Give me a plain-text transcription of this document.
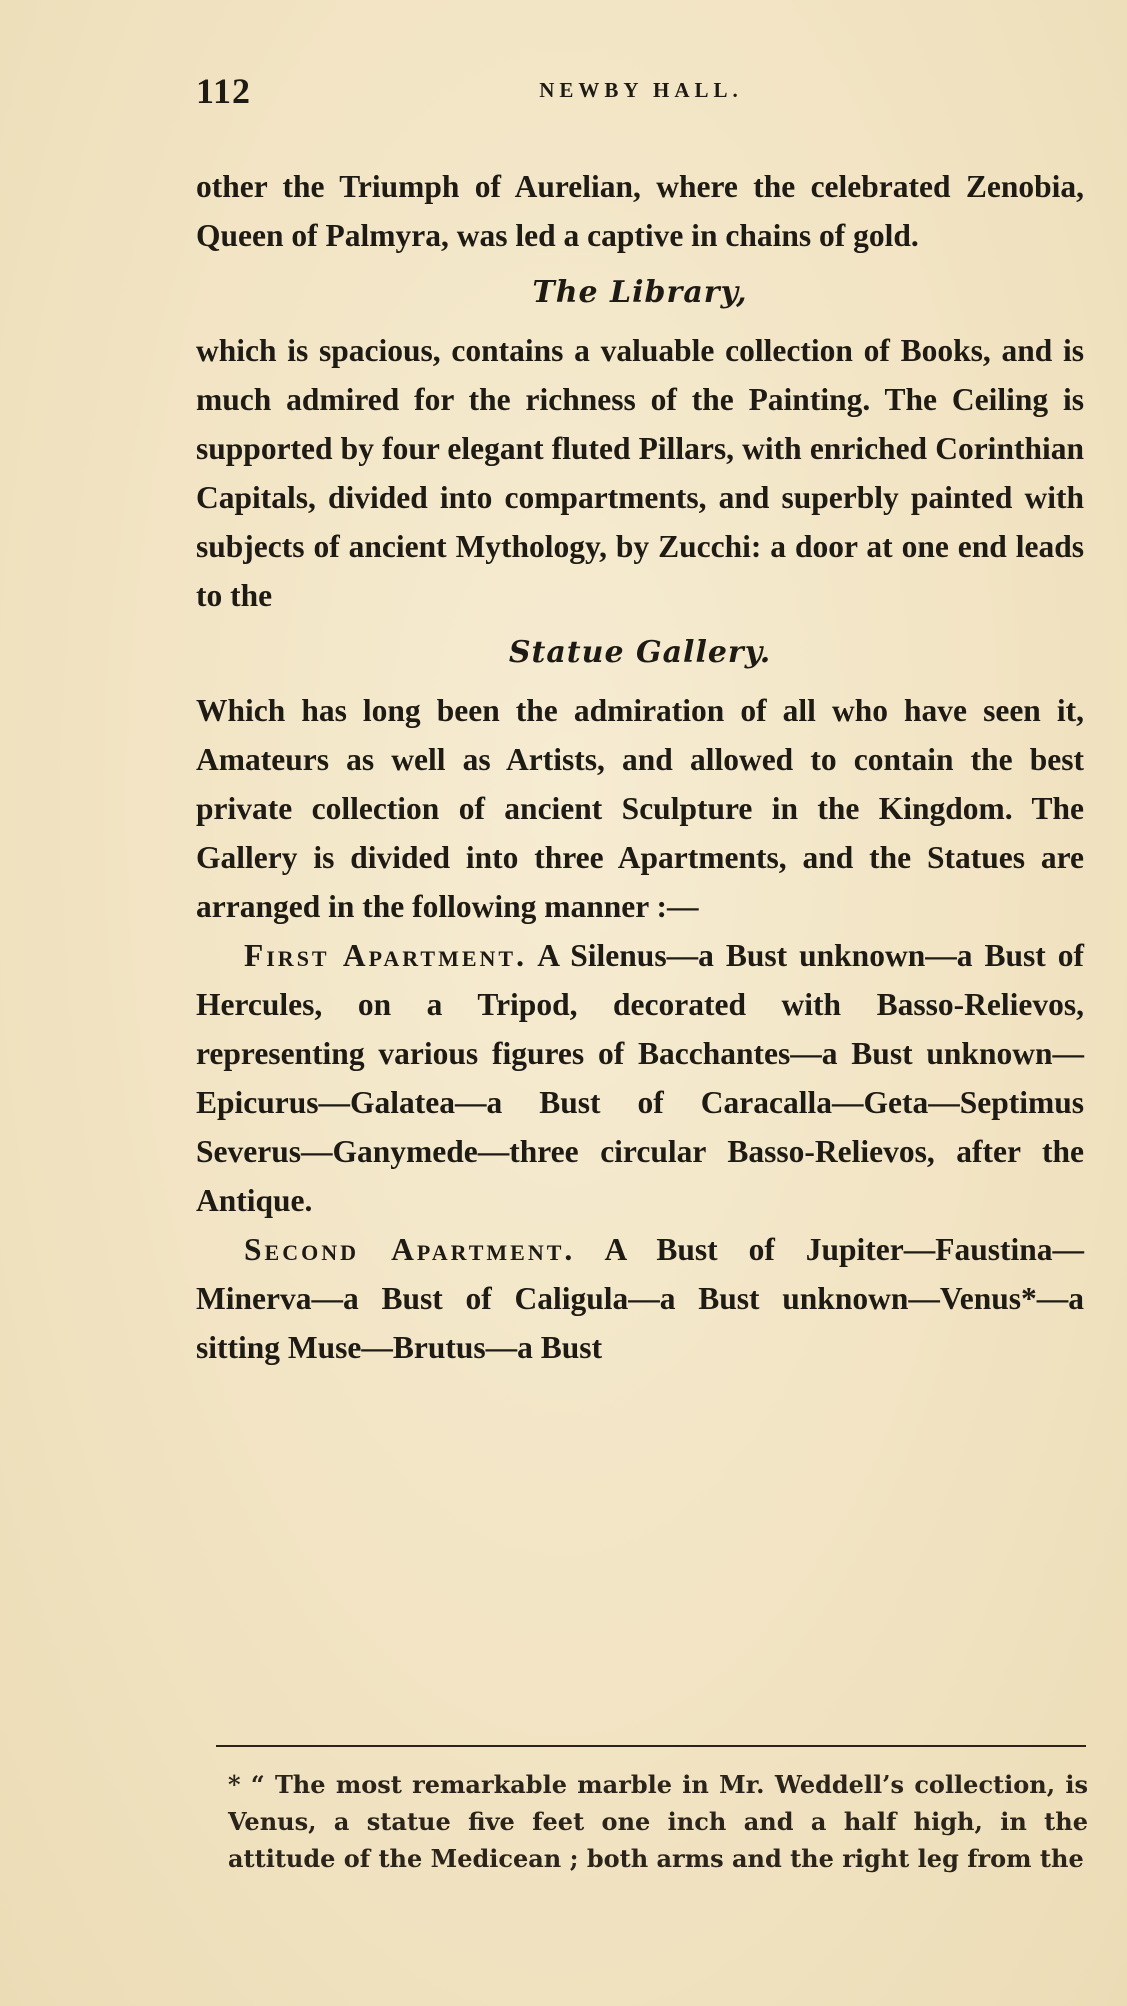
112	NEWBY HALL.

other the Triumph of Aurelian, where the celebrated Zenobia, Queen of Palmyra, was led a captive in chains of gold.

The Library,

which is spacious, contains a valuable collection of Books, and is much admired for the richness of the Painting. The Ceiling is supported by four elegant fluted Pillars, with enriched Corinthian Capitals, divided into compartments, and superbly painted with subjects of ancient Mythology, by Zucchi: a door at one end leads to the

Statue Gallery.

Which has long been the admiration of all who have seen it, Amateurs as well as Artists, and allowed to contain the best private collection of ancient Sculpture in the Kingdom. The Gallery is divided into three Apartments, and the Statues are arranged in the following manner :—

First Apartment. A Silenus—a Bust unknown—a Bust of Hercules, on a Tripod, decorated with Basso-Relievos, representing various figures of Bacchantes—a Bust unknown—Epicurus—Galatea—a Bust of Caracalla—Geta—Septimus Severus—Ganymede—three circular Basso-Relievos, after the Antique.

Second Apartment. A Bust of Jupiter—Faustina—Minerva—a Bust of Caligula—a Bust unknown—Venus*—a sitting Muse—Brutus—a Bust

* “ The most remarkable marble in Mr. Weddell’s collection, is Venus, a statue five feet one inch and a half high, in the attitude of the Medicean ; both arms and the right leg from the
